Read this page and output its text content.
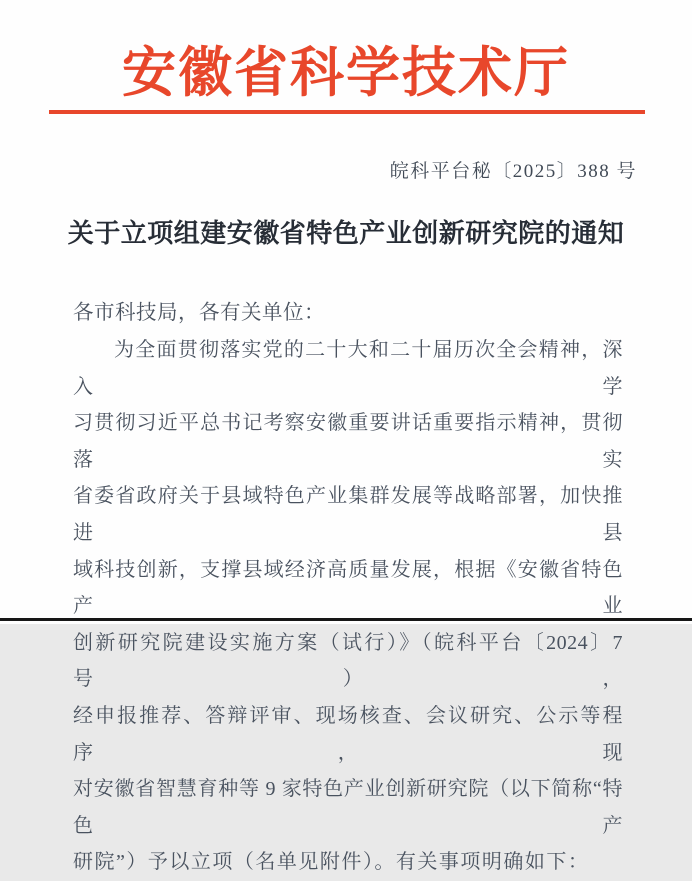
安徽省科学技术厅
皖科平台秘〔2025〕388 号
关于立项组建安徽省特色产业创新研究院的通知
各市科技局，各有关单位：
为全面贯彻落实党的二十大和二十届历次全会精神，深入学
习贯彻习近平总书记考察安徽重要讲话重要指示精神，贯彻落实
省委省政府关于县域特色产业集群发展等战略部署，加快推进县
域科技创新，支撑县域经济高质量发展，根据《安徽省特色产业
创新研究院建设实施方案（试行）》（皖科平台〔2024〕7 号），
经申报推荐、答辩评审、现场核查、会议研究、公示等程序，现
对安徽省智慧育种等 9 家特色产业创新研究院（以下简称“特色产
研院”）予以立项（名单见附件）。有关事项明确如下：
